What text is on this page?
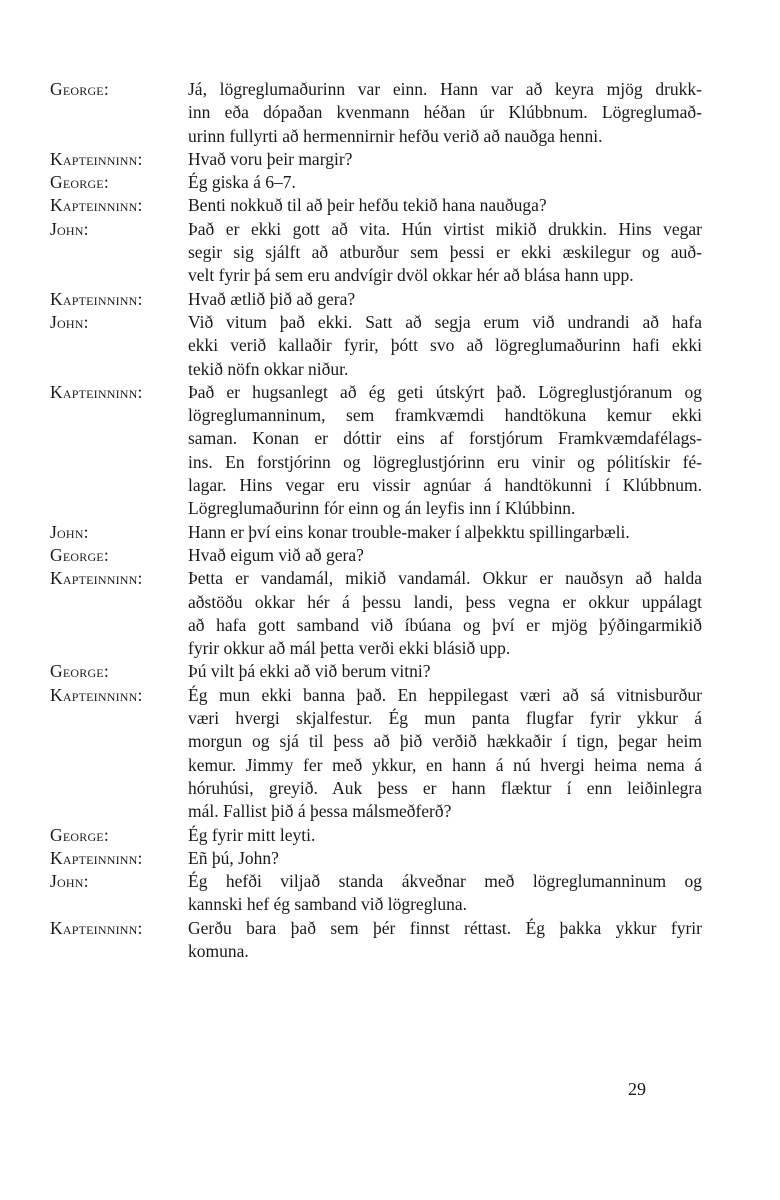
George:	Já, lögreglumaðurinn var einn. Hann var að keyra mjög drukk-
inn eða dópaðan kvenmann héðan úr Klúbbnum. Lögreglumað-
urinn fullyrti að hermennirnir hefðu verið að nauðga henni.
Kapteinninn:	Hvað voru þeir margir?
George:	Ég giska á 6–7.
Kapteinninn:	Benti nokkuð til að þeir hefðu tekið hana nauðuga?
John:	Það er ekki gott að vita. Hún virtist mikið drukkin. Hins vegar
segir sig sjálft að atburður sem þessi er ekki æskilegur og auð-
velt fyrir þá sem eru andvígir dvöl okkar hér að blása hann upp.
Kapteinninn:	Hvað ætlið þið að gera?
John:	Við vitum það ekki. Satt að segja erum við undrandi að hafa
ekki verið kallaðir fyrir, þótt svo að lögreglumaðurinn hafi ekki
tekið nöfn okkar niður.
Kapteinninn:	Það er hugsanlegt að ég geti útskýrt það. Lögreglustjóranum og
lögreglumanninum, sem framkvæmdi handtökuna kemur ekki
saman. Konan er dóttir eins af forstjórum Framkvæmdafélags-
ins. En forstjórinn og lögreglustjórinn eru vinir og pólitískir fé-
lagar. Hins vegar eru vissir agnúar á handtökunni í Klúbbnum.
Lögreglumaðurinn fór einn og án leyfis inn í Klúbbinn.
John:	Hann er því eins konar trouble-maker í alþekktu spillingarbæli.
George:	Hvað eigum við að gera?
Kapteinninn:	Þetta er vandamál, mikið vandamál. Okkur er nauðsyn að halda
aðstöðu okkar hér á þessu landi, þess vegna er okkur uppálagt
að hafa gott samband við íbúana og því er mjög þýðingarmikið
fyrir okkur að mál þetta verði ekki blásið upp.
George:	Þú vilt þá ekki að við berum vitni?
Kapteinninn:	Ég mun ekki banna það. En heppilegast væri að sá vitnisburður
væri hvergi skjalfestur. Ég mun panta flugfar fyrir ykkur á
morgun og sjá til þess að þið verðið hækkaðir í tign, þegar heim
kemur. Jimmy fer með ykkur, en hann á nú hvergi heima nema á
hóruhúsi, greyið. Auk þess er hann flæktur í enn leiðinlegra
mál. Fallist þið á þessa málsmeðferð?
George:	Ég fyrir mitt leyti.
Kapteinninn:	Eñ þú, John?
John:	Ég hefði viljað standa ákveðnar með lögreglumanninum og
kannski hef ég samband við lögregluna.
Kapteinninn:	Gerðu bara það sem þér finnst réttast. Ég þakka ykkur fyrir
komuna.
29
